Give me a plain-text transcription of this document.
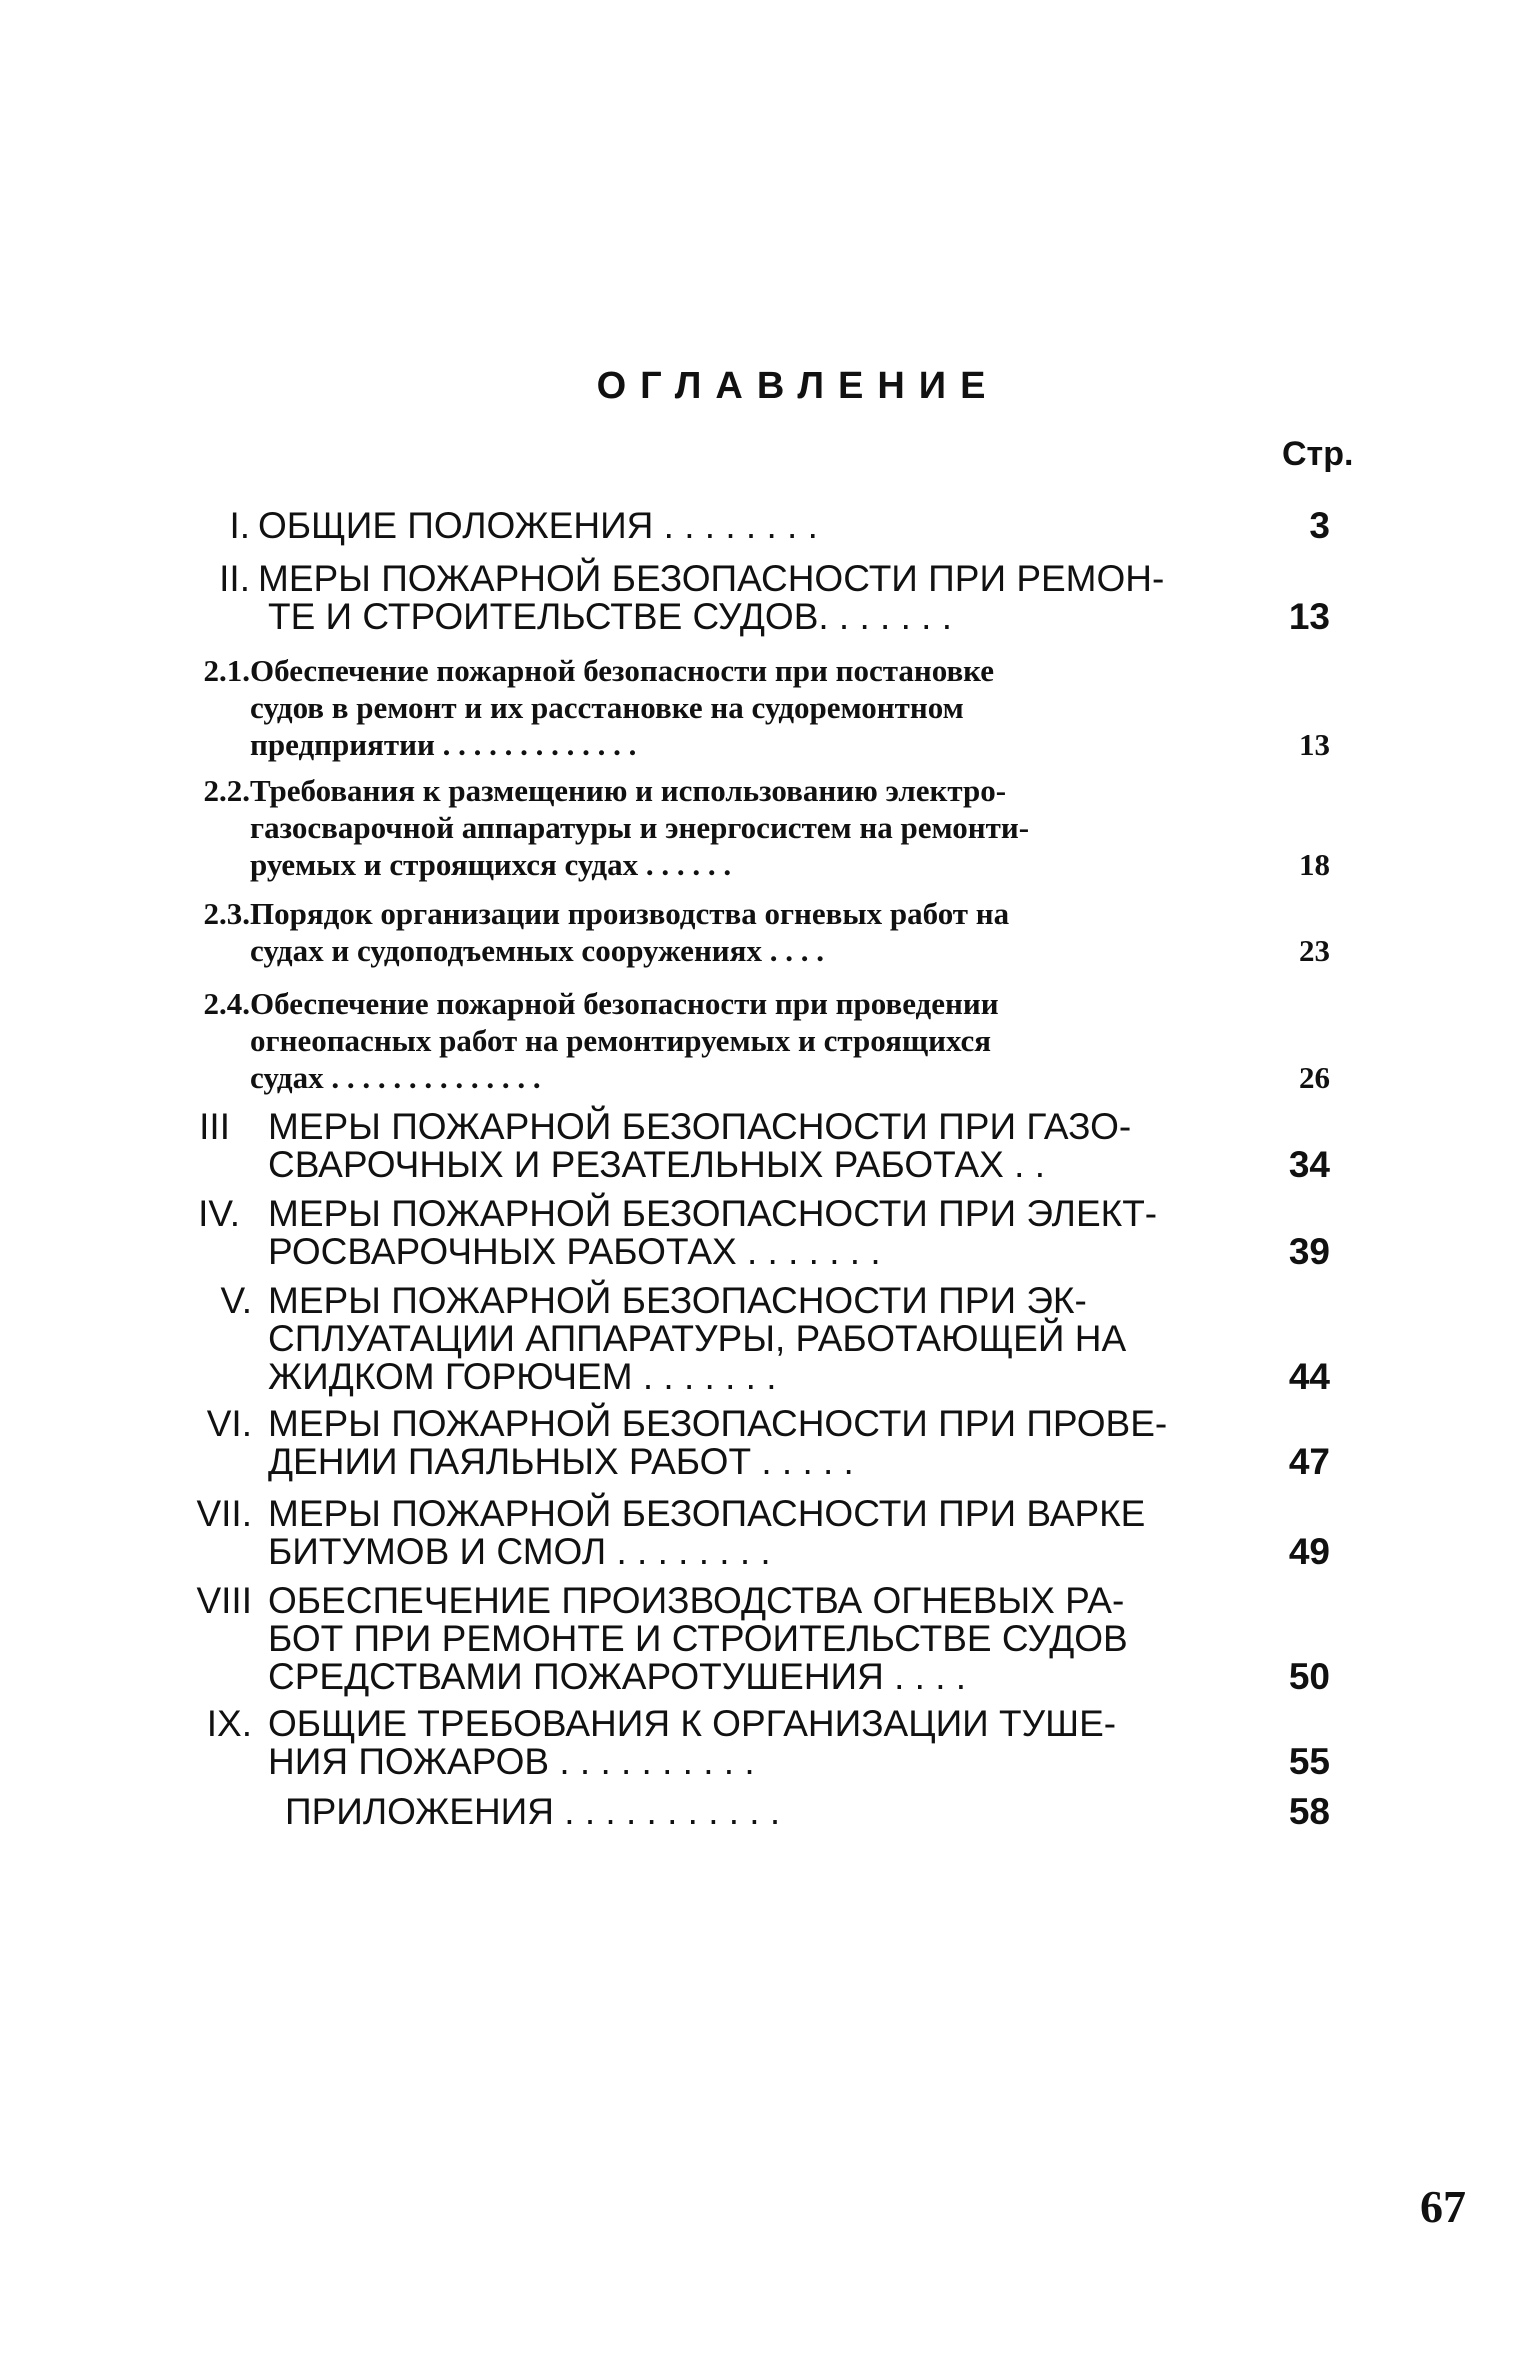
ОГЛАВЛЕНИЕ
Стр.
I. ОБЩИЕ ПОЛОЖЕНИЯ . . . . . . . .	3
II. МЕРЫ ПОЖАРНОЙ БЕЗОПАСНОСТИ ПРИ РЕМОН-
ТЕ И СТРОИТЕЛЬСТВЕ СУДОВ. . . . . . .	13
2.1. Обеспечение пожарной безопасности при постановке
судов в ремонт и их расстановке на судоремонтном
предприятии . . . . . . . . . . . . .	13
2.2. Требования к размещению и использованию электро-
газосварочной аппаратуры и энергосистем на ремонти-
руемых и строящихся судах . . . . . .	18
2.3. Порядок организации производства огневых работ на
судах и судоподъемных сооружениях . . . .	23
2.4. Обеспечение пожарной безопасности при проведении
огнеопасных работ на ремонтируемых и строящихся
судах . . . . . . . . . . . . . .	26
III МЕРЫ ПОЖАРНОЙ БЕЗОПАСНОСТИ ПРИ ГАЗО-
СВАРОЧНЫХ И РЕЗАТЕЛЬНЫХ РАБОТАХ . .	34
IV. МЕРЫ ПОЖАРНОЙ БЕЗОПАСНОСТИ ПРИ ЭЛЕКТ-
РОСВАРОЧНЫХ РАБОТАХ . . . . . . .	39
V. МЕРЫ ПОЖАРНОЙ БЕЗОПАСНОСТИ ПРИ ЭК-
СПЛУАТАЦИИ АППАРАТУРЫ, РАБОТАЮЩЕЙ НА
ЖИДКОМ ГОРЮЧЕМ . . . . . . .	44
VI. МЕРЫ ПОЖАРНОЙ БЕЗОПАСНОСТИ ПРИ ПРОВЕ-
ДЕНИИ ПАЯЛЬНЫХ РАБОТ . . . . .	47
VII. МЕРЫ ПОЖАРНОЙ БЕЗОПАСНОСТИ ПРИ ВАРКЕ
БИТУМОВ И СМОЛ . . . . . . . .	49
VIII ОБЕСПЕЧЕНИЕ ПРОИЗВОДСТВА ОГНЕВЫХ РА-
БОТ ПРИ РЕМОНТЕ И СТРОИТЕЛЬСТВЕ СУДОВ
СРЕДСТВАМИ ПОЖАРОТУШЕНИЯ . . . .	50
IX. ОБЩИЕ ТРЕБОВАНИЯ К ОРГАНИЗАЦИИ ТУШЕ-
НИЯ ПОЖАРОВ . . . . . . . . . .	55
ПРИЛОЖЕНИЯ . . . . . . . . . . .	58
67
